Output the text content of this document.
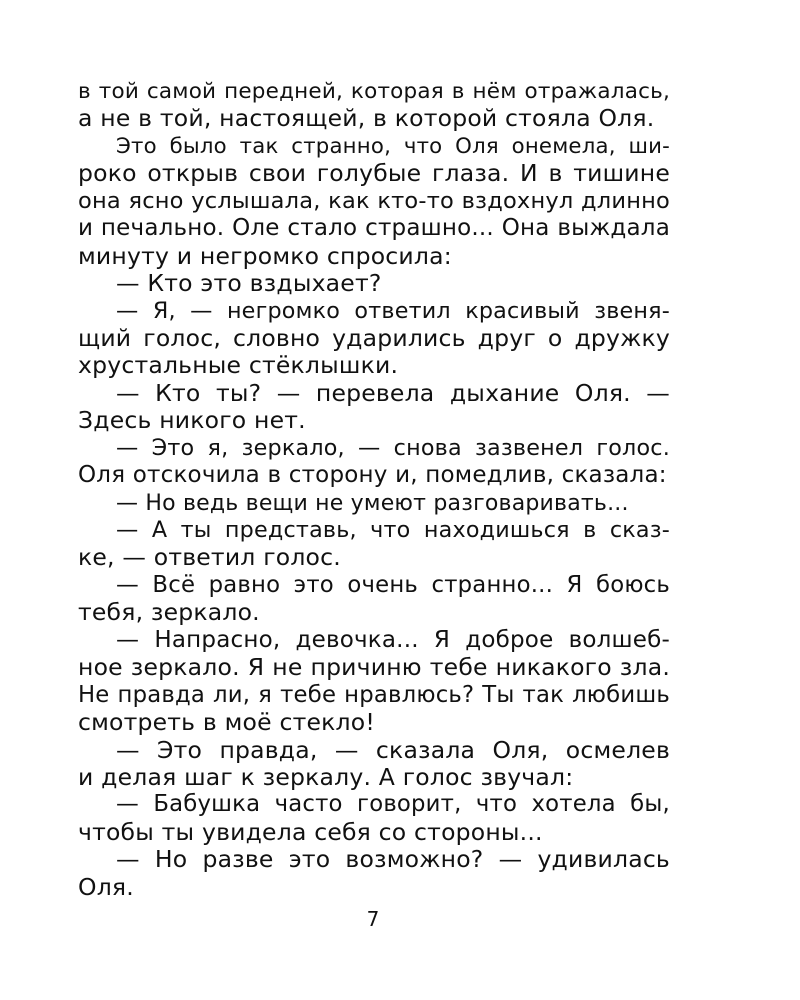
в той самой передней, которая в нём отражалась,
а не в той, настоящей, в которой стояла Оля.
Это было так странно, что Оля онемела, ши-
роко открыв свои голубые глаза. И в тишине
она ясно услышала, как кто-то вздохнул длинно
и печально. Оле стало страшно... Она выждала
минуту и негромко спросила:
— Кто это вздыхает?
— Я, — негромко ответил красивый звеня-
щий голос, словно ударились друг о дружку
хрустальные стёклышки.
— Кто ты? — перевела дыхание Оля. —
Здесь никого нет.
— Это я, зеркало, — снова зазвенел голос.
Оля отскочила в сторону и, помедлив, сказала:
— Но ведь вещи не умеют разговаривать...
— А ты представь, что находишься в сказ-
ке, — ответил голос.
— Всё равно это очень странно... Я боюсь
тебя, зеркало.
— Напрасно, девочка... Я доброе волшеб-
ное зеркало. Я не причиню тебе никакого зла.
Не правда ли, я тебе нравлюсь? Ты так любишь
смотреть в моё стекло!
— Это правда, — сказала Оля, осмелев
и делая шаг к зеркалу. А голос звучал:
— Бабушка часто говорит, что хотела бы,
чтобы ты увидела себя со стороны...
— Но разве это возможно? — удивилась
Оля.
7
